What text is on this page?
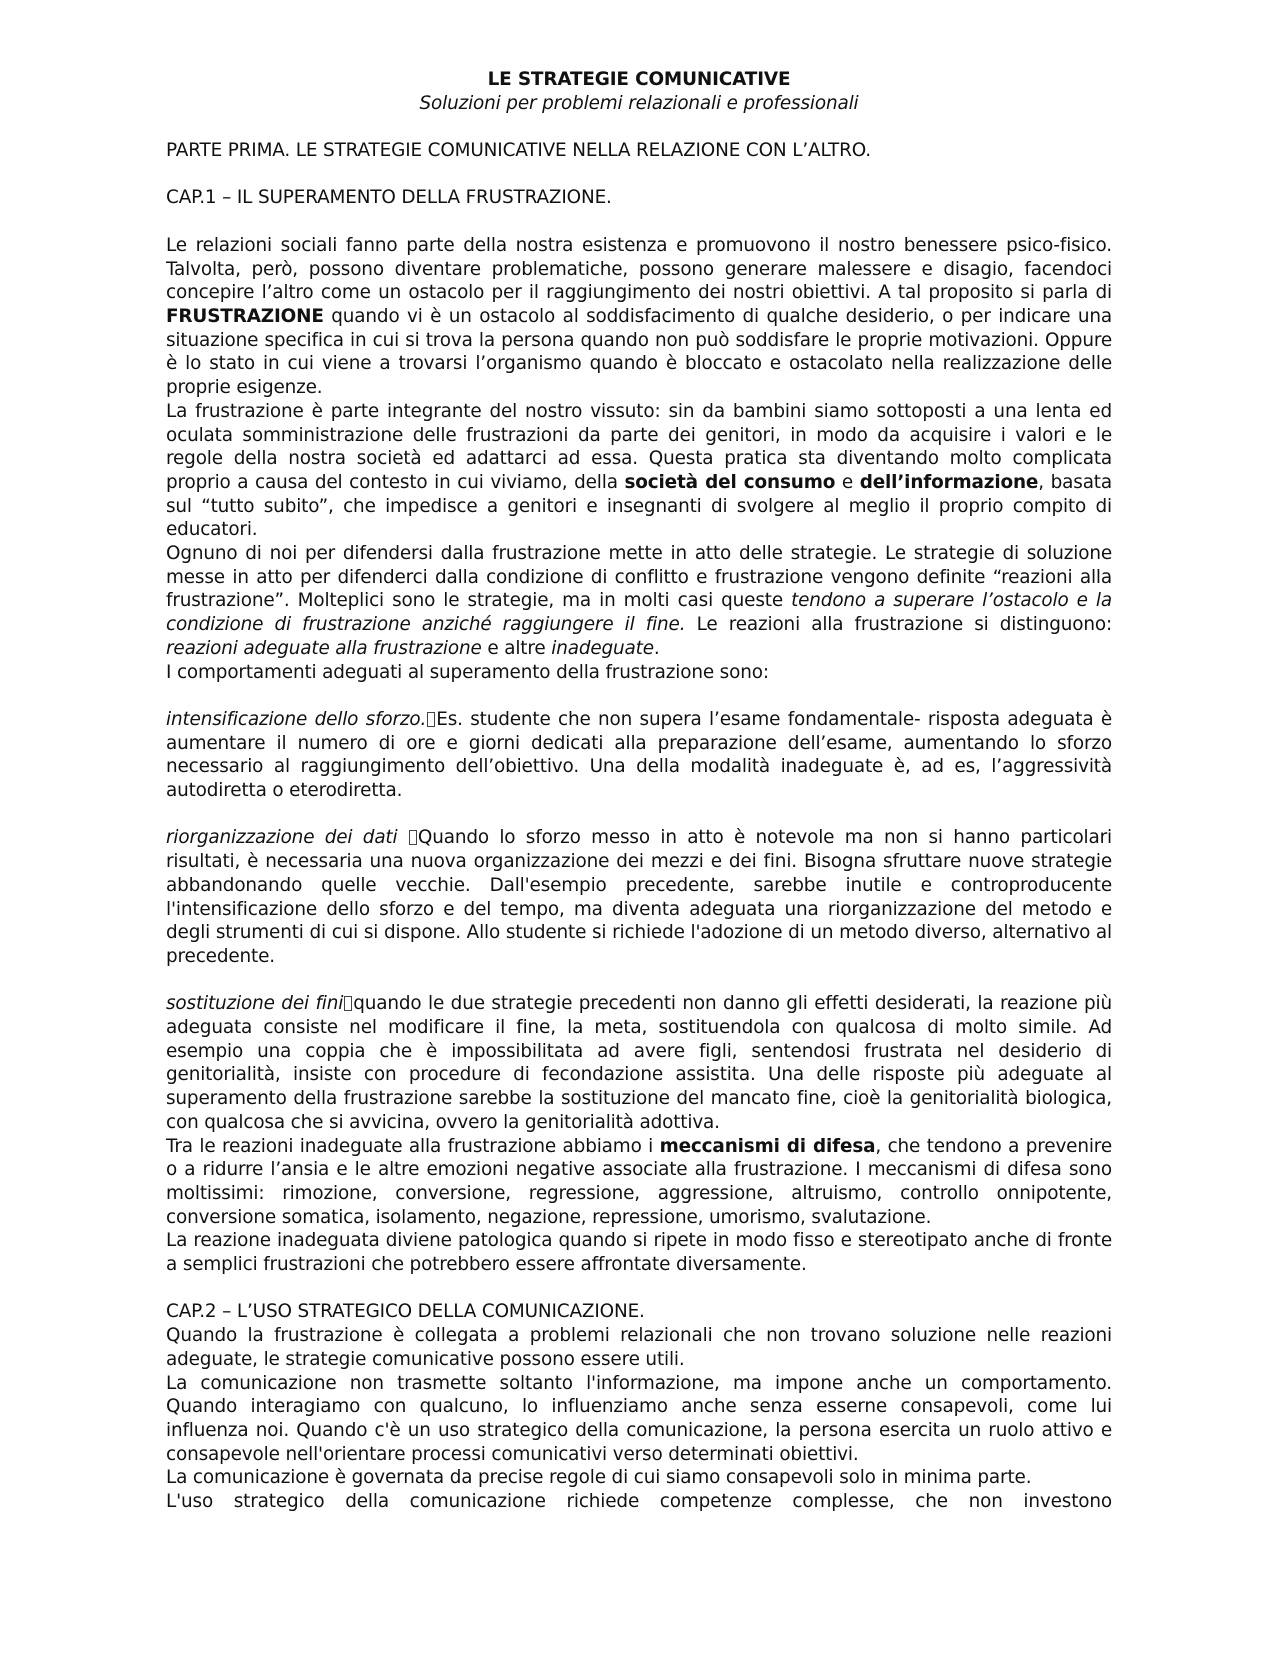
LE STRATEGIE COMUNICATIVE

Soluzioni per problemi relazionali e professionali

PARTE PRIMA. LE STRATEGIE COMUNICATIVE NELLA RELAZIONE CON L’ALTRO.

CAP.1 – IL SUPERAMENTO DELLA FRUSTRAZIONE.

Le relazioni sociali fanno parte della nostra esistenza e promuovono il nostro benessere psico-fisico. Talvolta, però, possono diventare problematiche, possono generare malessere e disagio, facendoci concepire l’altro come un ostacolo per il raggiungimento dei nostri obiettivi. A tal proposito si parla di FRUSTRAZIONE quando vi è un ostacolo al soddisfacimento di qualche desiderio, o per indicare una situazione specifica in cui si trova la persona quando non può soddisfare le proprie motivazioni. Oppure è lo stato in cui viene a trovarsi l’organismo quando è bloccato e ostacolato nella realizzazione delle proprie esigenze.

La frustrazione è parte integrante del nostro vissuto: sin da bambini siamo sottoposti a una lenta ed oculata somministrazione delle frustrazioni da parte dei genitori, in modo da acquisire i valori e le regole della nostra società ed adattarci ad essa. Questa pratica sta diventando molto complicata proprio a causa del contesto in cui viviamo, della società del consumo e dell’informazione, basata sul “tutto subito”, che impedisce a genitori e insegnanti di svolgere al meglio il proprio compito di educatori.

Ognuno di noi per difendersi dalla frustrazione mette in atto delle strategie. Le strategie di soluzione messe in atto per difenderci dalla condizione di conflitto e frustrazione vengono definite “reazioni alla frustrazione”. Molteplici sono le strategie, ma in molti casi queste tendono a superare l’ostacolo e la condizione di frustrazione anziché raggiungere il fine. Le reazioni alla frustrazione si distinguono: reazioni adeguate alla frustrazione e altre inadeguate.

I comportamenti adeguati al superamento della frustrazione sono:

intensificazione dello sforzo. Es. studente che non supera l’esame fondamentale- risposta adeguata è aumentare il numero di ore e giorni dedicati alla preparazione dell’esame, aumentando lo sforzo necessario al raggiungimento dell’obiettivo. Una della modalità inadeguate è, ad es, l’aggressività autodiretta o eterodiretta.

riorganizzazione dei dati Quando lo sforzo messo in atto è notevole ma non si hanno particolari risultati, è necessaria una nuova organizzazione dei mezzi e dei fini. Bisogna sfruttare nuove strategie abbandonando quelle vecchie. Dall'esempio precedente, sarebbe inutile e controproducente l'intensificazione dello sforzo e del tempo, ma diventa adeguata una riorganizzazione del metodo e degli strumenti di cui si dispone. Allo studente si richiede l'adozione di un metodo diverso, alternativo al precedente.

sostituzione dei fini quando le due strategie precedenti non danno gli effetti desiderati, la reazione più adeguata consiste nel modificare il fine, la meta, sostituendola con qualcosa di molto simile. Ad esempio una coppia che è impossibilitata ad avere figli, sentendosi frustrata nel desiderio di genitorialità, insiste con procedure di fecondazione assistita. Una delle risposte più adeguate al superamento della frustrazione sarebbe la sostituzione del mancato fine, cioè la genitorialità biologica, con qualcosa che si avvicina, ovvero la genitorialità adottiva.

Tra le reazioni inadeguate alla frustrazione abbiamo i meccanismi di difesa, che tendono a prevenire o a ridurre l’ansia e le altre emozioni negative associate alla frustrazione. I meccanismi di difesa sono moltissimi: rimozione, conversione, regressione, aggressione, altruismo, controllo onnipotente, conversione somatica, isolamento, negazione, repressione, umorismo, svalutazione.

La reazione inadeguata diviene patologica quando si ripete in modo fisso e stereotipato anche di fronte a semplici frustrazioni che potrebbero essere affrontate diversamente.

CAP.2 – L’USO STRATEGICO DELLA COMUNICAZIONE.

Quando la frustrazione è collegata a problemi relazionali che non trovano soluzione nelle reazioni adeguate, le strategie comunicative possono essere utili.

La comunicazione non trasmette soltanto l'informazione, ma impone anche un comportamento. Quando interagiamo con qualcuno, lo influenziamo anche senza esserne consapevoli, come lui influenza noi. Quando c'è un uso strategico della comunicazione, la persona esercita un ruolo attivo e consapevole nell'orientare processi comunicativi verso determinati obiettivi.

La comunicazione è governata da precise regole di cui siamo consapevoli solo in minima parte.

L'uso strategico della comunicazione richiede competenze complesse, che non investono
